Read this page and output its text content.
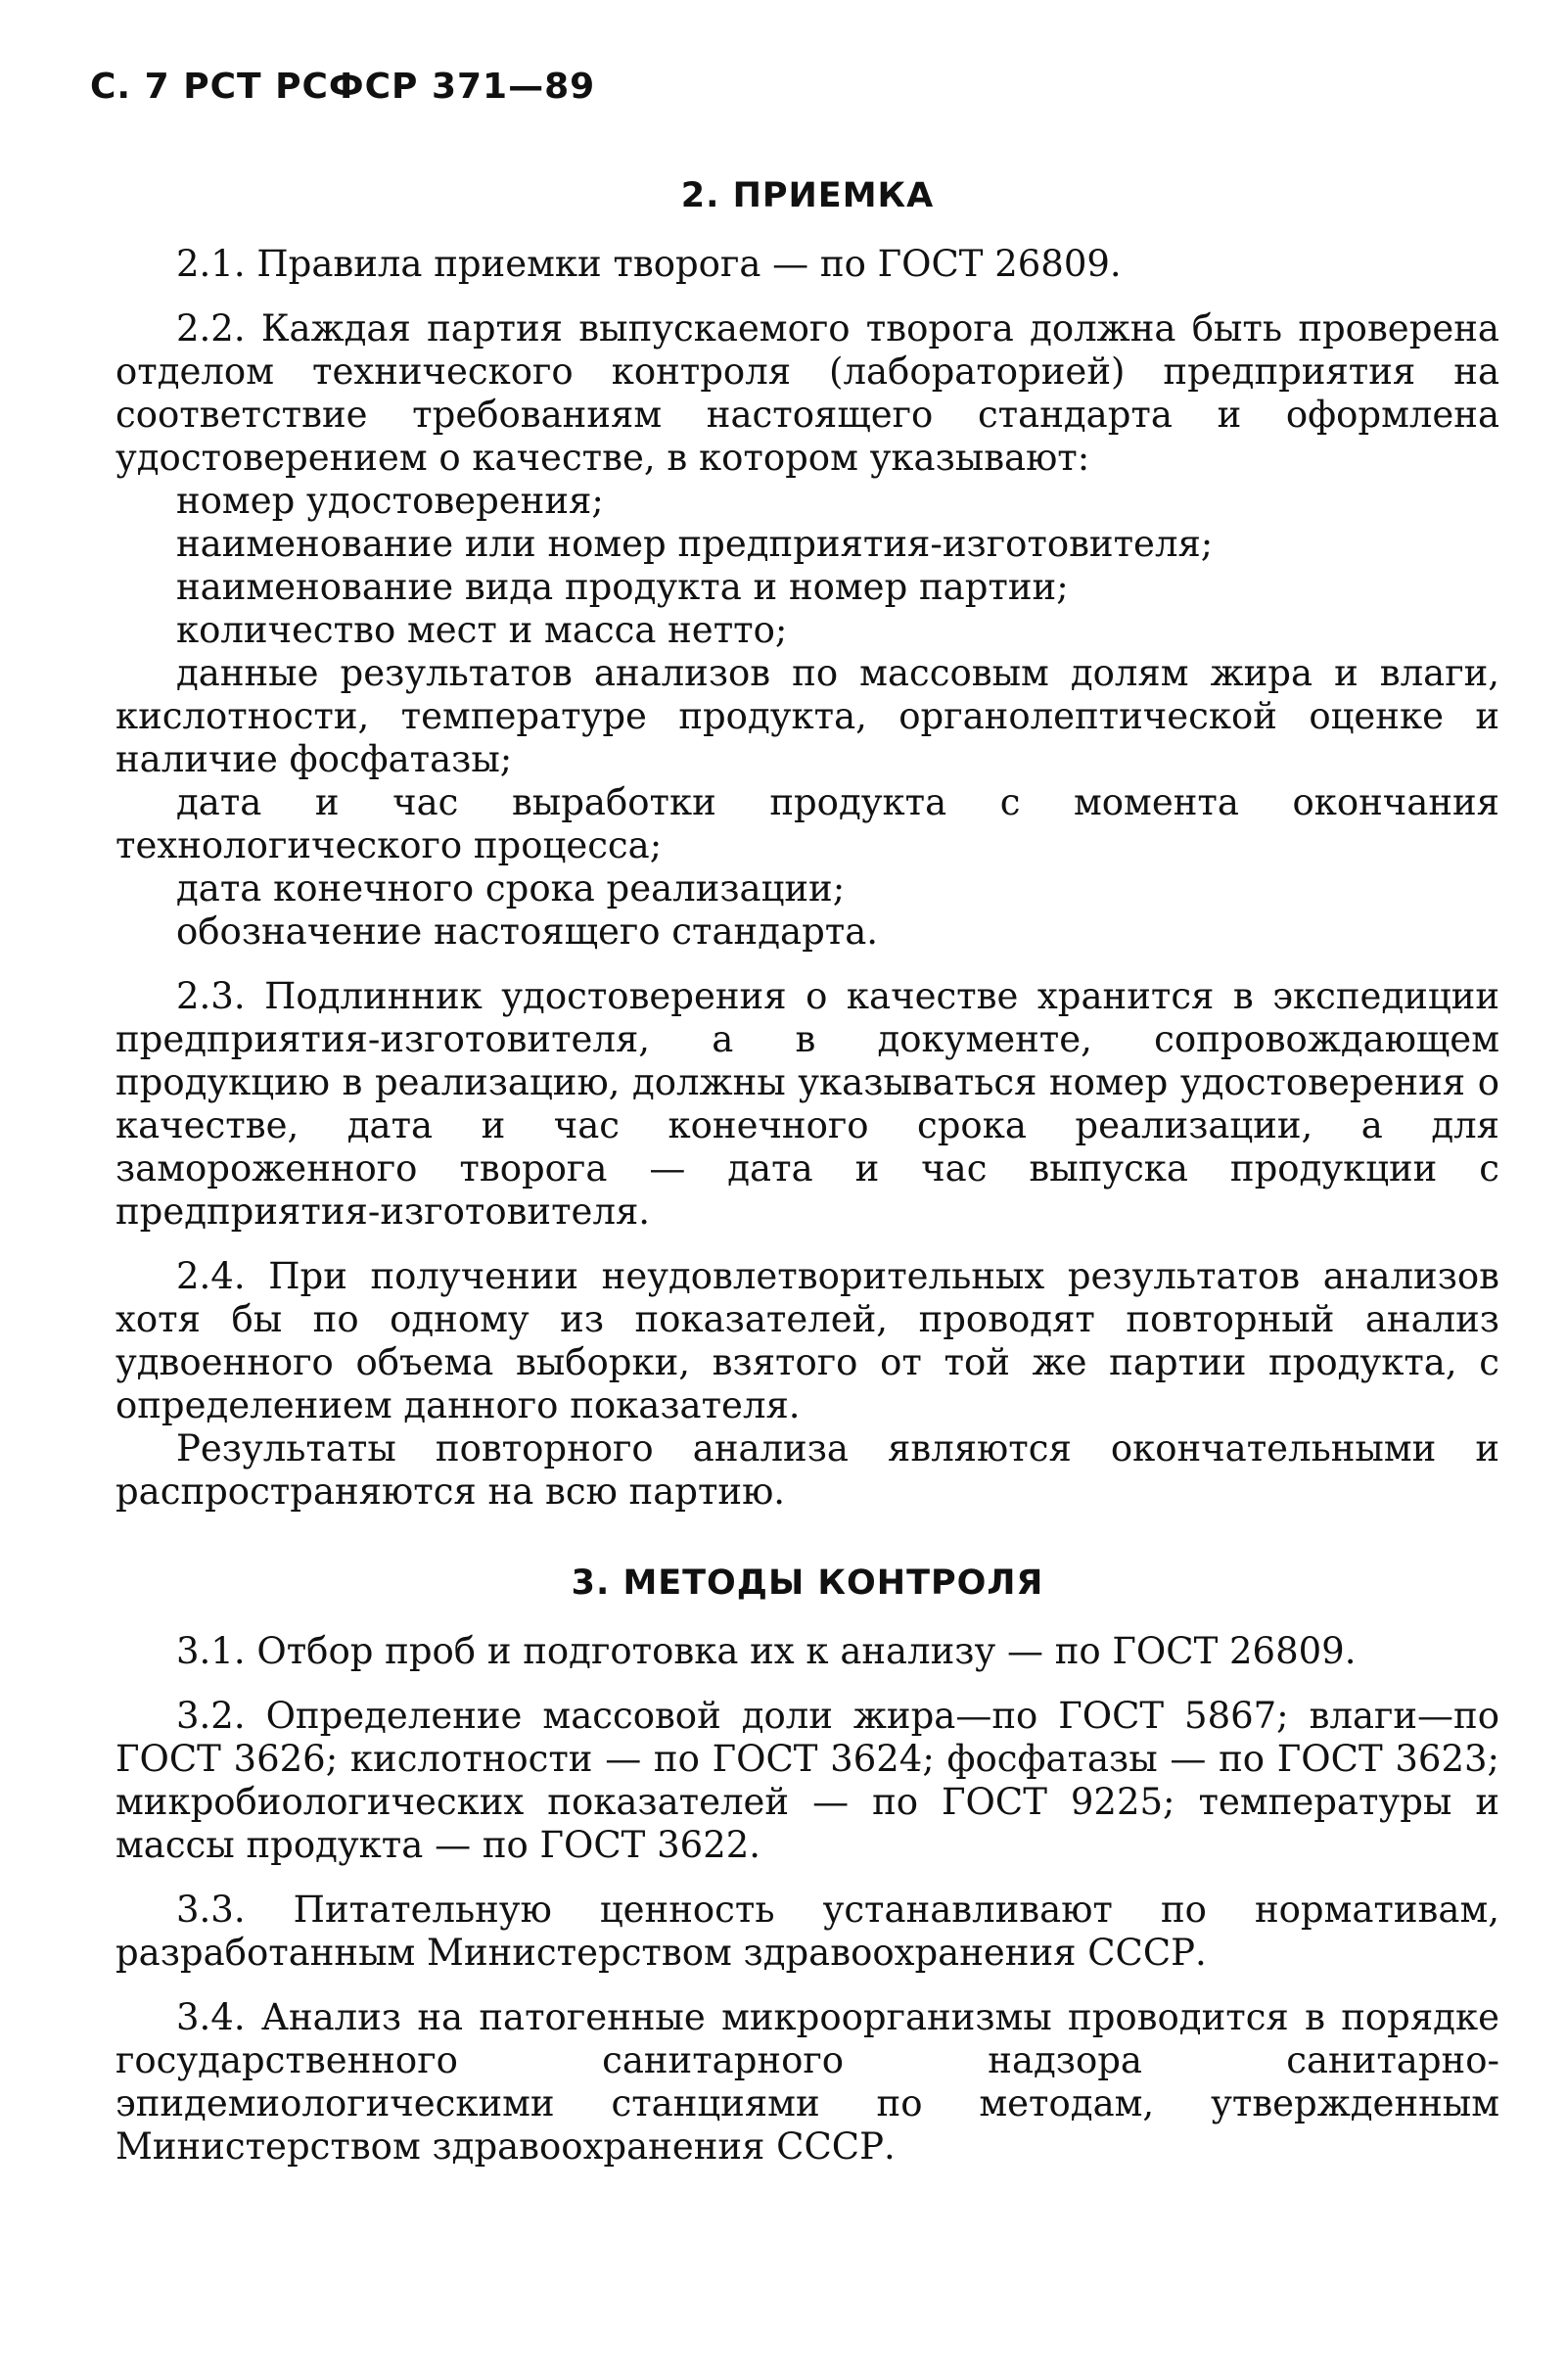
С. 7 РСТ РСФСР 371—89
2. ПРИЕМКА

2.1. Правила приемки творога — по ГОСТ 26809.

2.2. Каждая партия выпускаемого творога должна быть проверена отделом технического контроля (лабораторией) предприятия на соответствие требованиям настоящего стандарта и оформлена удостоверением о качестве, в котором указывают:

номер удостоверения;

наименование или номер предприятия-изготовителя;

наименование вида продукта и номер партии;

количество мест и масса нетто;

данные результатов анализов по массовым долям жира и влаги, кислотности, температуре продукта, органолептической оценке и наличие фосфатазы;

дата и час выработки продукта с момента окончания технологического процесса;

дата конечного срока реализации;

обозначение настоящего стандарта.

2.3. Подлинник удостоверения о качестве хранится в экспедиции предприятия-изготовителя, а в документе, сопровождающем продукцию в реализацию, должны указываться номер удостоверения о качестве, дата и час конечного срока реализации, а для замороженного творога — дата и час выпуска продукции с предприятия-изготовителя.

2.4. При получении неудовлетворительных результатов анализов хотя бы по одному из показателей, проводят повторный анализ удвоенного объема выборки, взятого от той же партии продукта, с определением данного показателя.

Результаты повторного анализа являются окончательными и распространяются на всю партию.

3. МЕТОДЫ КОНТРОЛЯ

3.1. Отбор проб и подготовка их к анализу — по ГОСТ 26809.

3.2. Определение массовой доли жира—по ГОСТ 5867; влаги—по ГОСТ 3626; кислотности — по ГОСТ 3624; фосфатазы — по ГОСТ 3623; микробиологических показателей — по ГОСТ 9225; температуры и массы продукта — по ГОСТ 3622.

3.3. Питательную ценность устанавливают по нормативам, разработанным Министерством здравоохранения СССР.

3.4. Анализ на патогенные микроорганизмы проводится в порядке государственного санитарного надзора санитарно-эпидемиологическими станциями по методам, утвержденным Министерством здравоохранения СССР.
